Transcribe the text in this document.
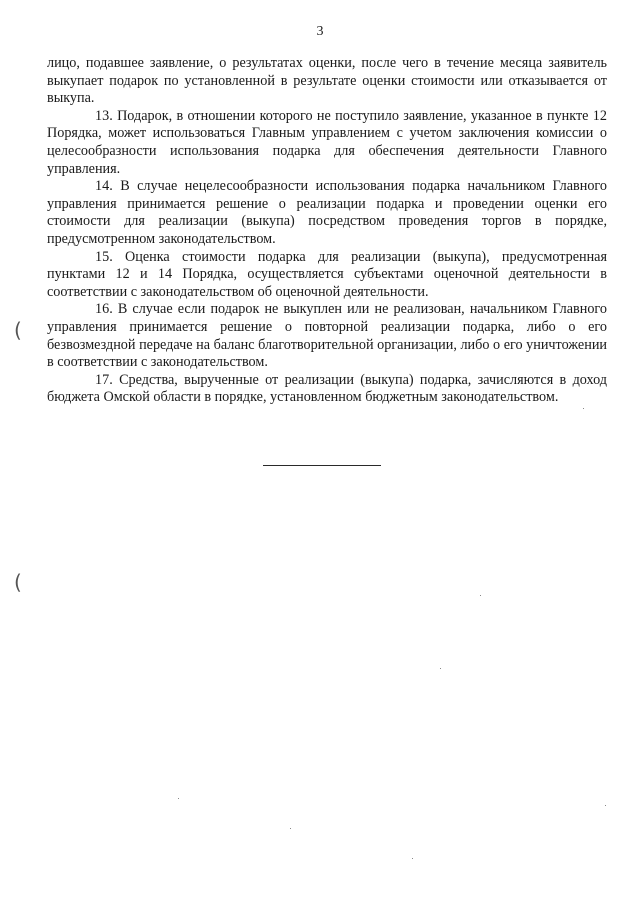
3

лицо, подавшее заявление, о результатах оценки, после чего в течение месяца заявитель выкупает подарок по установленной в результате оценки стоимости или отказывается от выкупа.

13. Подарок, в отношении которого не поступило заявление, указанное в пункте 12 Порядка, может использоваться Главным управлением с учетом заключения комиссии о целесообразности использования подарка для обеспечения деятельности Главного управления.

14. В случае нецелесообразности использования подарка начальником Главного управления принимается решение о реализации подарка и проведении оценки его стоимости для реализации (выкупа) посредством проведения торгов в порядке, предусмотренном законодательством.

15. Оценка стоимости подарка для реализации (выкупа), предусмотренная пунктами 12 и 14 Порядка, осуществляется субъектами оценочной деятельности в соответствии с законодательством об оценочной деятельности.

16. В случае если подарок не выкуплен или не реализован, начальником Главного управления принимается решение о повторной реализации подарка, либо о его безвозмездной передаче на баланс благотворительной организации, либо о его уничтожении в соответствии с законодательством.

17. Средства, вырученные от реализации (выкупа) подарка, зачисляются в доход бюджета Омской области в порядке, установленном бюджетным законодательством.

(
(
